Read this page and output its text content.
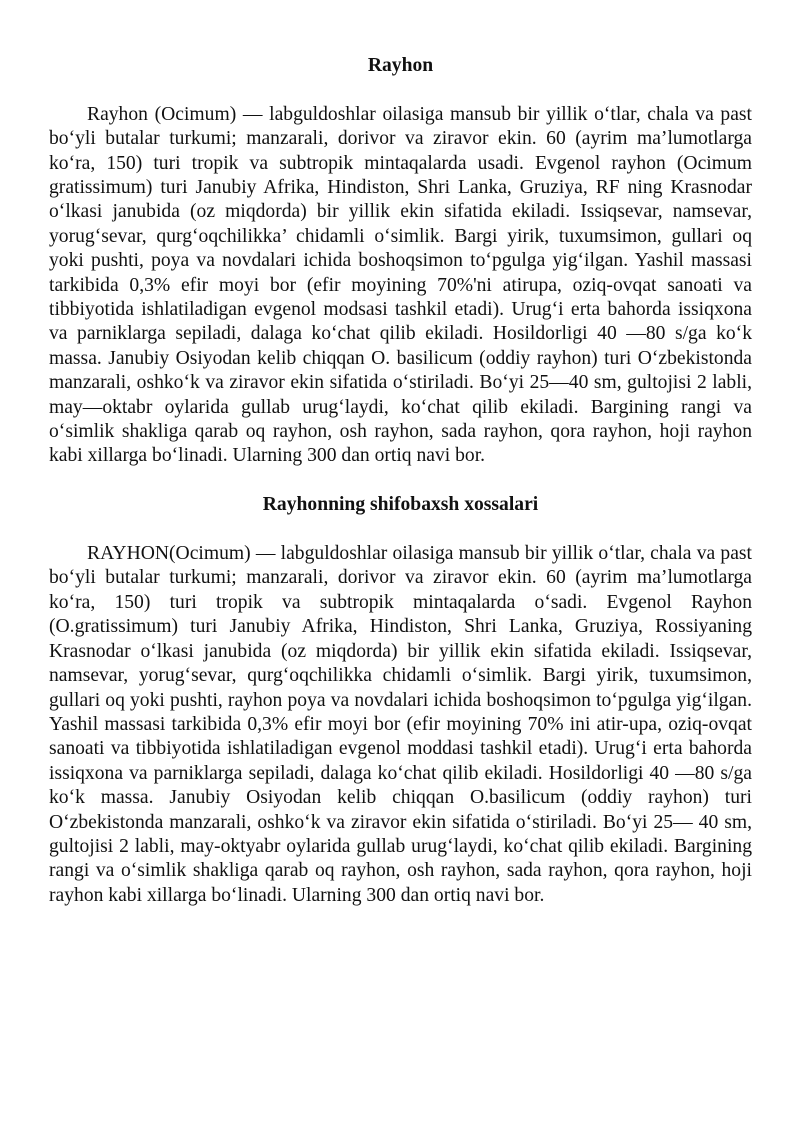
Rayhon

Rayhon (Ocimum) — labguldoshlar oilasiga mansub bir yillik o‘tlar, chala va past bo‘yli butalar turkumi; manzarali, dorivor va ziravor ekin. 60 (ayrim ma’lumotlarga ko‘ra, 150) turi tropik va subtropik mintaqalarda usadi. Evgenol rayhon (Ocimum gratissimum) turi Janubiy Afrika, Hindiston, Shri Lanka, Gruziya, RF ning Krasnodar o‘lkasi janubida (oz miqdorda) bir yillik ekin sifatida ekiladi. Issiqsevar, namsevar, yorug‘sevar, qurg‘oqchilikka’ chidamli o‘simlik. Bargi yirik, tuxumsimon, gullari oq yoki pushti, poya va novdalari ichida boshoqsimon to‘pgulga yig‘ilgan. Yashil massasi tarkibida 0,3% efir moyi bor (efir moyining 70%'ni atirupa, oziq-ovqat sanoati va tibbiyotida ishlatiladigan evgenol modsasi tashkil etadi). Urug‘i erta bahorda issiqxona va parniklarga sepiladi, dalaga ko‘chat qilib ekiladi. Hosildorligi 40 —80 s/ga ko‘k massa. Janubiy Osiyodan kelib chiqqan O. basilicum (oddiy rayhon) turi O‘zbekistonda manzarali, oshko‘k va ziravor ekin sifatida o‘stiriladi. Bo‘yi 25—40 sm, gultojisi 2 labli, may—oktabr oylarida gullab urug‘laydi, ko‘chat qilib ekiladi. Bargining rangi va o‘simlik shakliga qarab oq rayhon, osh rayhon, sada rayhon, qora rayhon, hoji rayhon kabi xillarga bo‘linadi. Ularning 300 dan ortiq navi bor.

Rayhonning shifobaxsh xossalari

RAYHON(Ocimum) — labguldoshlar oilasiga mansub bir yillik o‘tlar, chala va past bo‘yli butalar turkumi; manzarali, dorivor va ziravor ekin. 60 (ayrim ma’lumotlarga ko‘ra, 150) turi tropik va subtropik mintaqalarda o‘sadi. Evgenol Rayhon (O.gratissimum) turi Janubiy Afrika, Hindiston, Shri Lanka, Gruziya, Rossiyaning Krasnodar o‘lkasi janubida (oz miqdorda) bir yillik ekin sifatida ekiladi. Issiqsevar, namsevar, yorug‘sevar, qurg‘oqchilikka chidamli o‘simlik. Bargi yirik, tuxumsimon, gullari oq yoki pushti, rayhon poya va novdalari ichida boshoqsimon to‘pgulga yig‘ilgan. Yashil massasi tarkibida 0,3% efir moyi bor (efir moyining 70% ini atir-upa, oziq-ovqat sanoati va tibbiyotida ishlatiladigan evgenol moddasi tashkil etadi). Urug‘i erta bahorda issiqxona va parniklarga sepiladi, dalaga ko‘chat qilib ekiladi. Hosildorligi 40 —80 s/ga ko‘k massa. Janubiy Osiyodan kelib chiqqan O.basilicum (oddiy rayhon) turi O‘zbekistonda manzarali, oshko‘k va ziravor ekin sifatida o‘stiriladi. Bo‘yi 25— 40 sm, gultojisi 2 labli, may-oktyabr oylarida gullab urug‘laydi, ko‘chat qilib ekiladi. Bargining rangi va o‘simlik shakliga qarab oq rayhon, osh rayhon, sada rayhon, qora rayhon, hoji rayhon kabi xillarga bo‘linadi. Ularning 300 dan ortiq navi bor.
